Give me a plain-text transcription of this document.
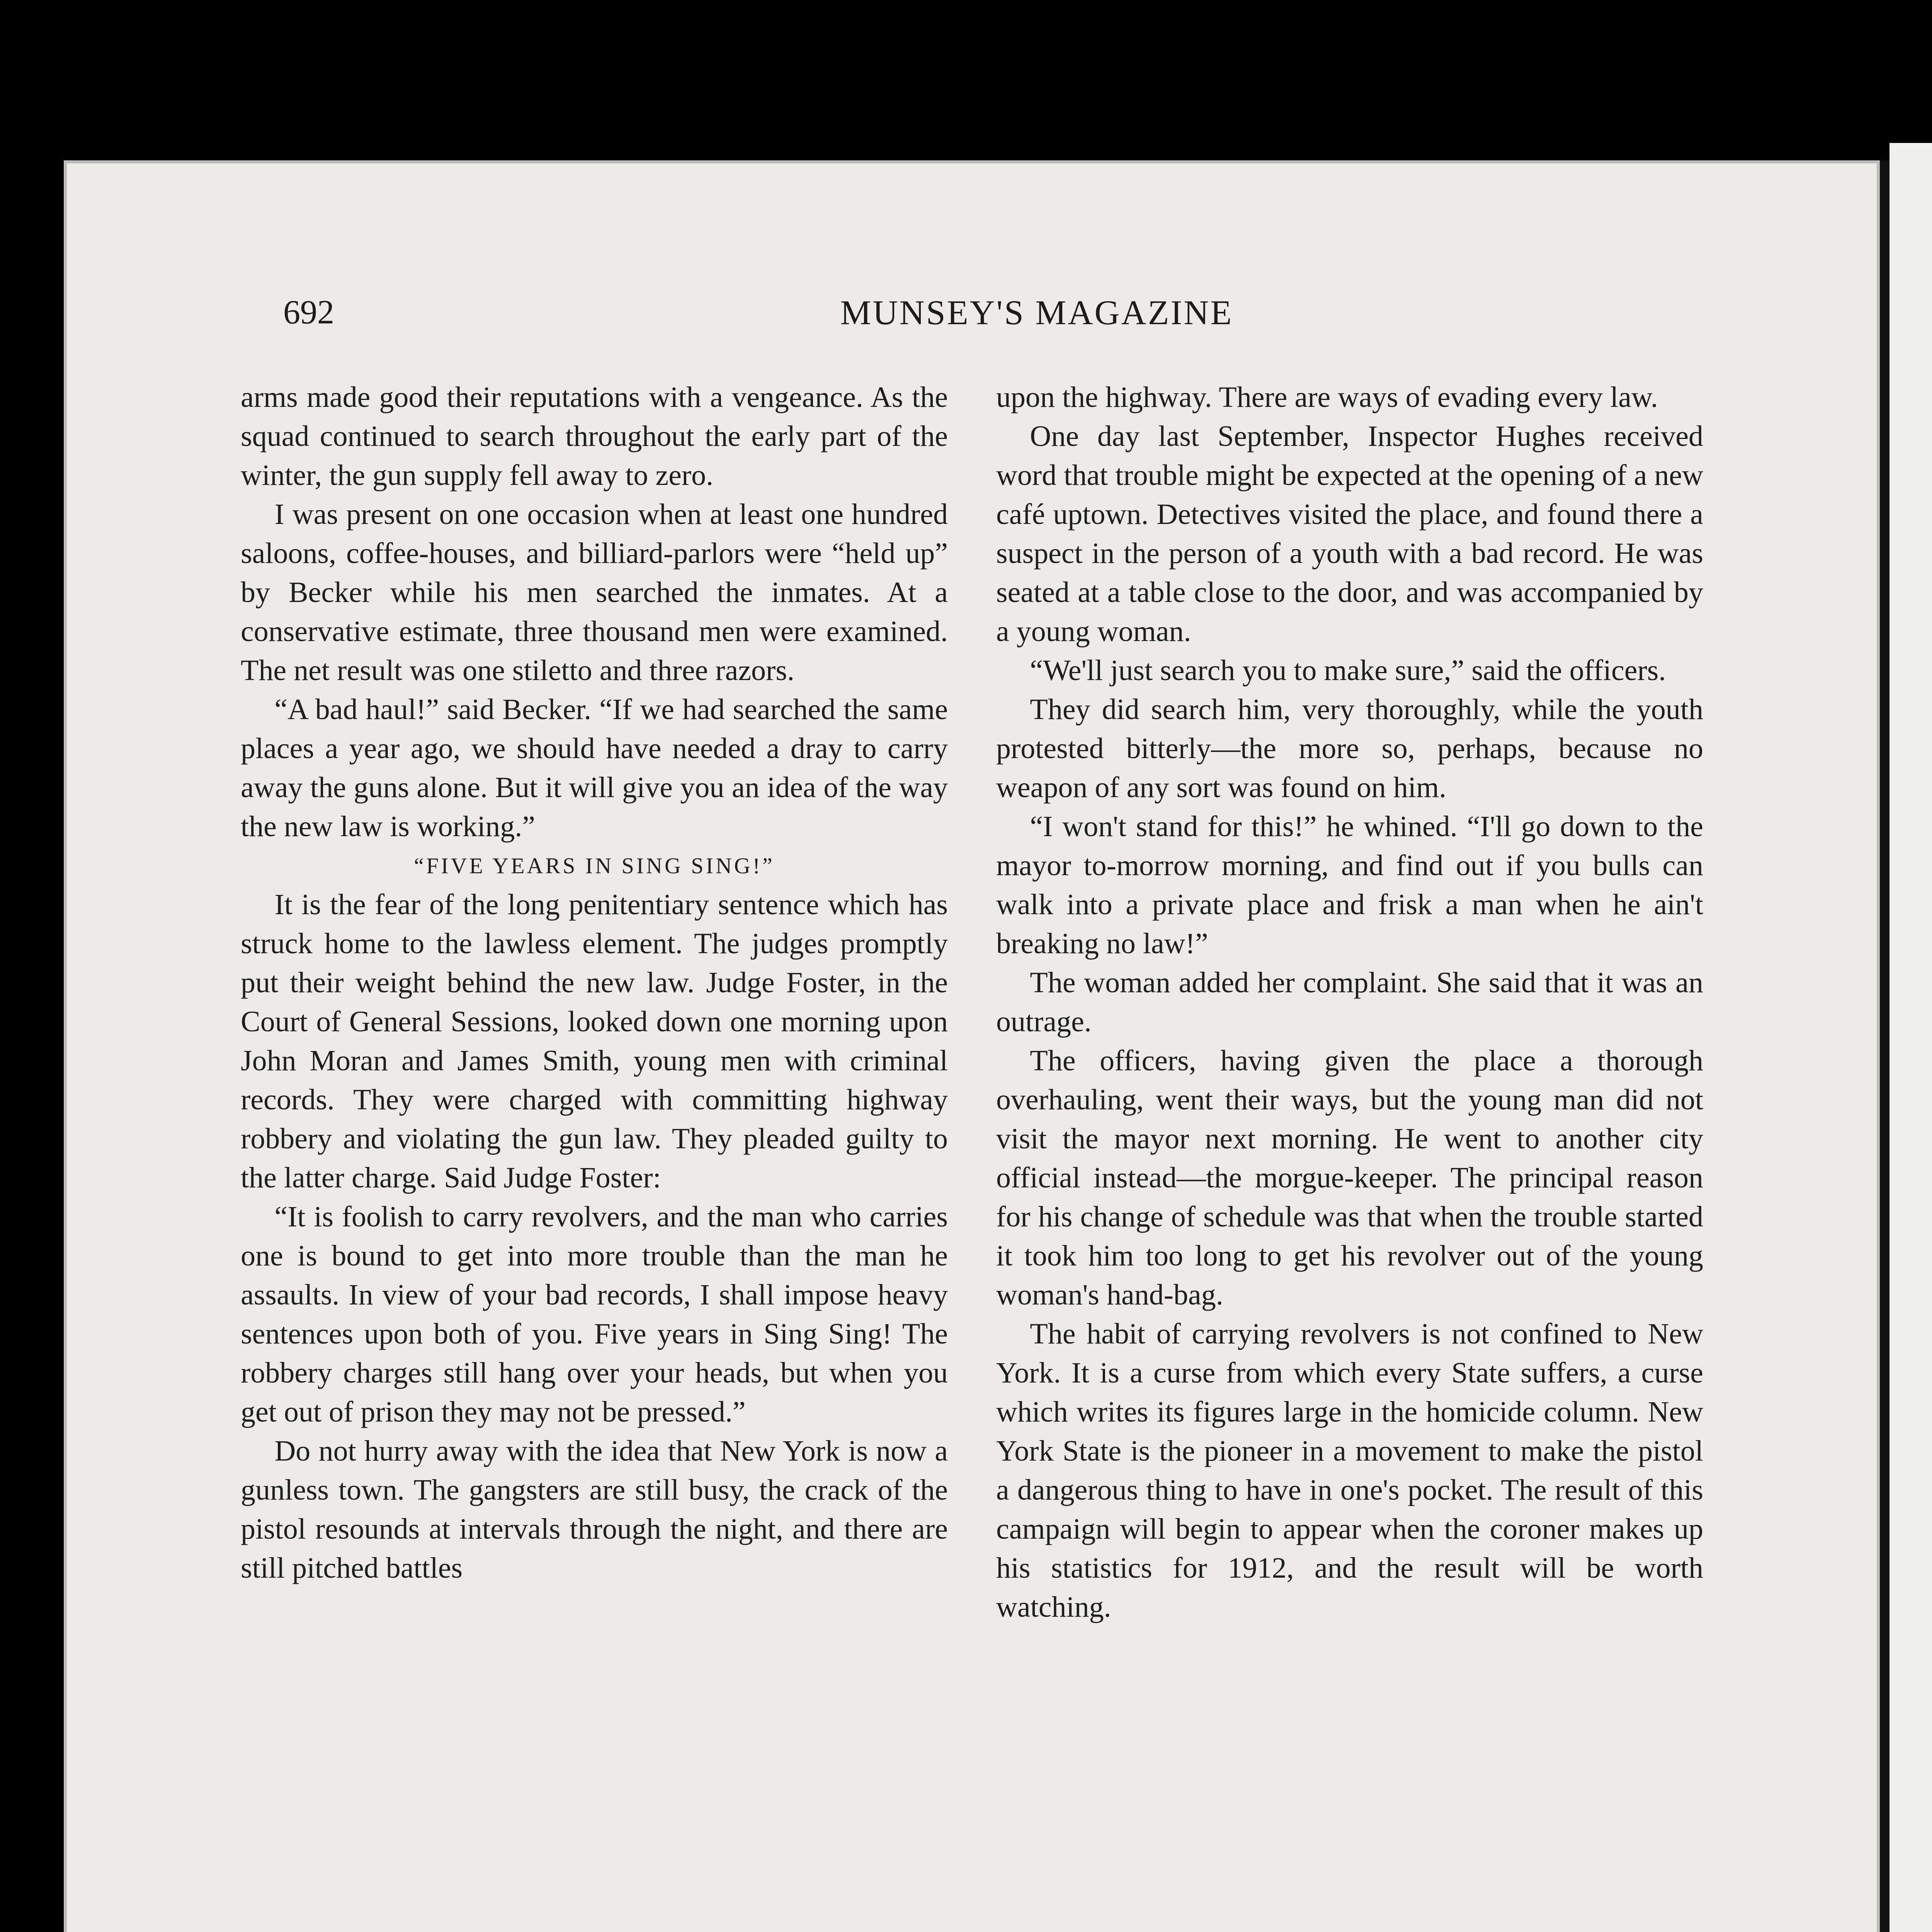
692	MUNSEY'S MAGAZINE

arms made good their reputations with a vengeance. As the squad continued to search throughout the early part of the winter, the gun supply fell away to zero.

I was present on one occasion when at least one hundred saloons, coffee-houses, and billiard-parlors were “held up” by Becker while his men searched the inmates. At a conservative estimate, three thousand men were examined. The net result was one stiletto and three razors.

“A bad haul!” said Becker. “If we had searched the same places a year ago, we should have needed a dray to carry away the guns alone. But it will give you an idea of the way the new law is working.”

“FIVE YEARS IN SING SING!”

It is the fear of the long penitentiary sentence which has struck home to the lawless element. The judges promptly put their weight behind the new law. Judge Foster, in the Court of General Sessions, looked down one morning upon John Moran and James Smith, young men with criminal records. They were charged with committing highway robbery and violating the gun law. They pleaded guilty to the latter charge. Said Judge Foster:

“It is foolish to carry revolvers, and the man who carries one is bound to get into more trouble than the man he assaults. In view of your bad records, I shall impose heavy sentences upon both of you. Five years in Sing Sing! The robbery charges still hang over your heads, but when you get out of prison they may not be pressed.”

Do not hurry away with the idea that New York is now a gunless town. The gangsters are still busy, the crack of the pistol resounds at intervals through the night, and there are still pitched battles

upon the highway. There are ways of evading every law.

One day last September, Inspector Hughes received word that trouble might be expected at the opening of a new café uptown. Detectives visited the place, and found there a suspect in the person of a youth with a bad record. He was seated at a table close to the door, and was accompanied by a young woman.

“We'll just search you to make sure,” said the officers.

They did search him, very thoroughly, while the youth protested bitterly—the more so, perhaps, because no weapon of any sort was found on him.

“I won't stand for this!” he whined. “I'll go down to the mayor to-morrow morning, and find out if you bulls can walk into a private place and frisk a man when he ain't breaking no law!”

The woman added her complaint. She said that it was an outrage.

The officers, having given the place a thorough overhauling, went their ways, but the young man did not visit the mayor next morning. He went to another city official instead—the morgue-keeper. The principal reason for his change of schedule was that when the trouble started it took him too long to get his revolver out of the young woman's hand-bag.

The habit of carrying revolvers is not confined to New York. It is a curse from which every State suffers, a curse which writes its figures large in the homicide column. New York State is the pioneer in a movement to make the pistol a dangerous thing to have in one's pocket. The result of this campaign will begin to appear when the coroner makes up his statistics for 1912, and the result will be worth watching.
